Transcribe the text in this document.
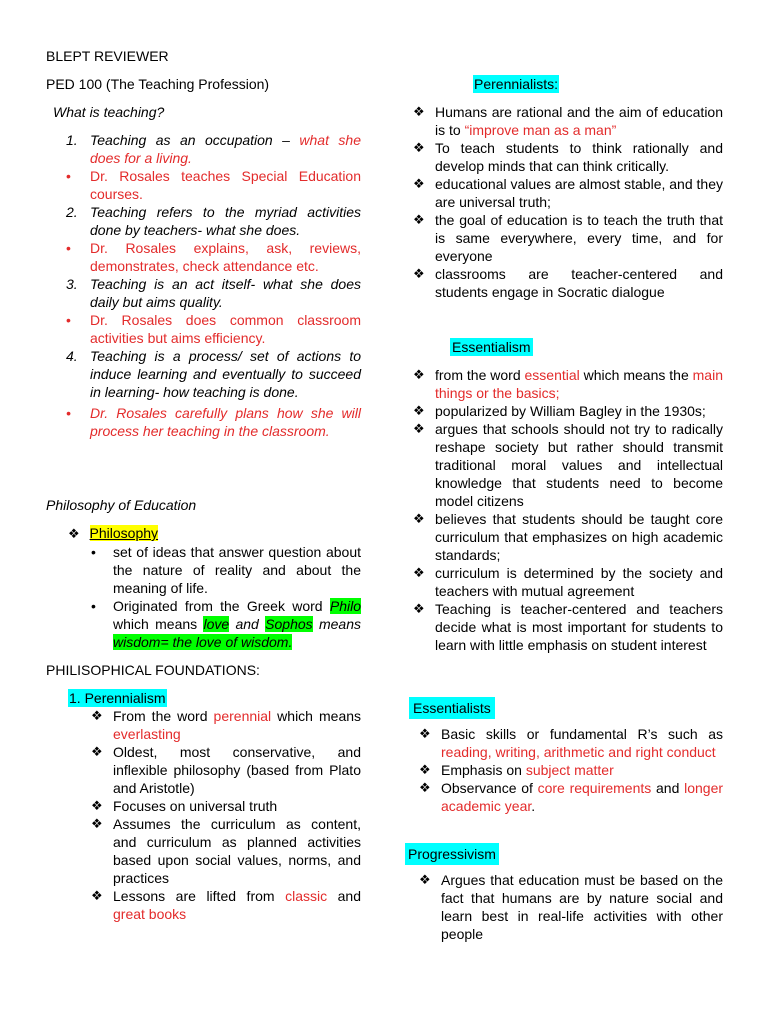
BLEPT REVIEWER
PED 100 (The Teaching Profession)
What is teaching?
1. Teaching as an occupation – what she does for a living.
• Dr. Rosales teaches Special Education courses.
2. Teaching refers to the myriad activities done by teachers- what she does.
• Dr. Rosales explains, ask, reviews, demonstrates, check attendance etc.
3. Teaching is an act itself- what she does daily but aims quality.
• Dr. Rosales does common classroom activities but aims efficiency.
4. Teaching is a process/ set of actions to induce learning and eventually to succeed in learning- how teaching is done.
• Dr. Rosales carefully plans how she will process her teaching in the classroom.
Philosophy of Education
❖ Philosophy
• set of ideas that answer question about the nature of reality and about the meaning of life.
• Originated from the Greek word Philo which means love and Sophos means wisdom= the love of wisdom.
PHILISOPHICAL FOUNDATIONS:
1. Perennialism
❖ From the word perennial which means everlasting
❖ Oldest, most conservative, and inflexible philosophy (based from Plato and Aristotle)
❖ Focuses on universal truth
❖ Assumes the curriculum as content, and curriculum as planned activities based upon social values, norms, and practices
❖ Lessons are lifted from classic and great books
Perennialists:
❖ Humans are rational and the aim of education is to “improve man as a man”
❖ To teach students to think rationally and develop minds that can think critically.
❖ educational values are almost stable, and they are universal truth;
❖ the goal of education is to teach the truth that is same everywhere, every time, and for everyone
❖ classrooms are teacher-centered and students engage in Socratic dialogue
Essentialism
❖ from the word essential which means the main things or the basics;
❖ popularized by William Bagley in the 1930s;
❖ argues that schools should not try to radically reshape society but rather should transmit traditional moral values and intellectual knowledge that students need to become model citizens
❖ believes that students should be taught core curriculum that emphasizes on high academic standards;
❖ curriculum is determined by the society and teachers with mutual agreement
❖ Teaching is teacher-centered and teachers decide what is most important for students to learn with little emphasis on student interest
Essentialists
❖ Basic skills or fundamental R’s such as reading, writing, arithmetic and right conduct
❖ Emphasis on subject matter
❖ Observance of core requirements and longer academic year.
Progressivism
❖ Argues that education must be based on the fact that humans are by nature social and learn best in real-life activities with other people
